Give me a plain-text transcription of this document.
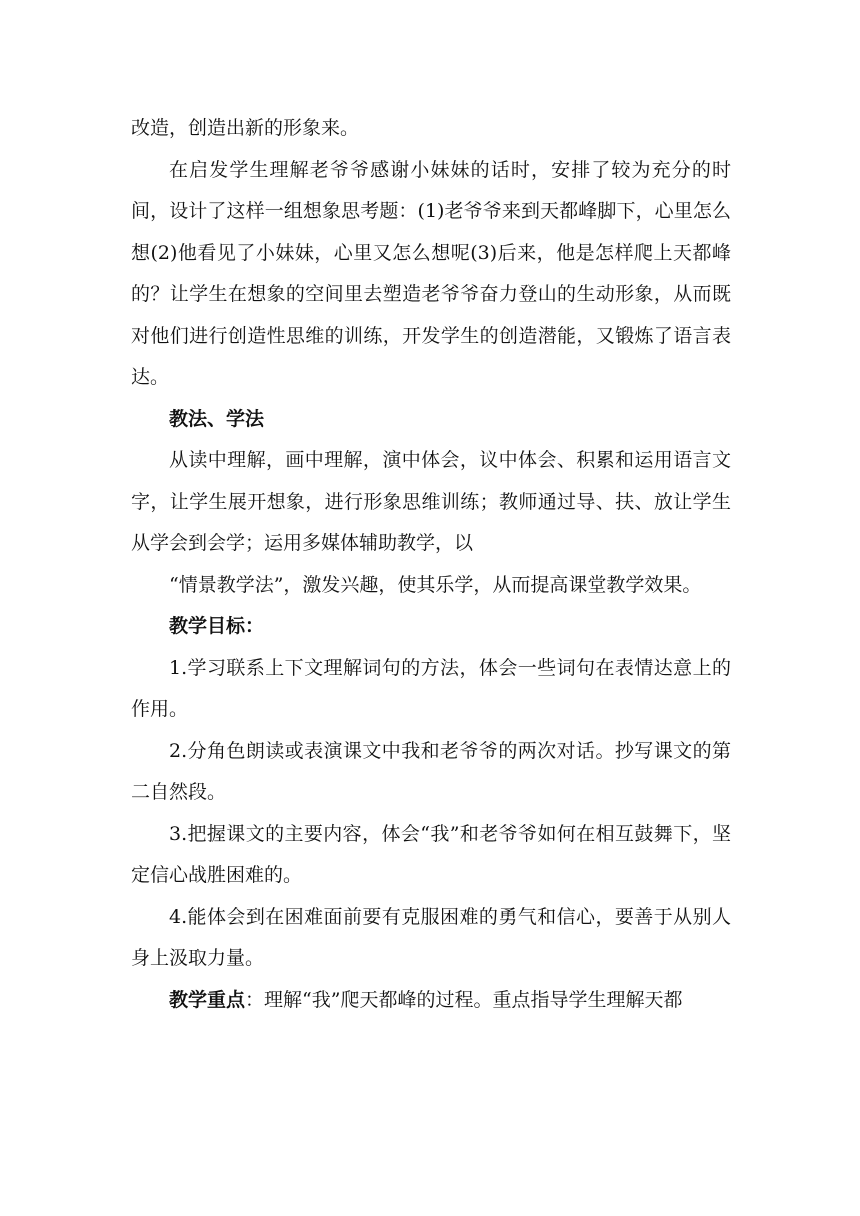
改造，创造出新的形象来。

在启发学生理解老爷爷感谢小妹妹的话时，安排了较为充分的时间，设计了这样一组想象思考题：(1)老爷爷来到天都峰脚下，心里怎么想(2)他看见了小妹妹，心里又怎么想呢(3)后来，他是怎样爬上天都峰的？让学生在想象的空间里去塑造老爷爷奋力登山的生动形象，从而既对他们进行创造性思维的训练，开发学生的创造潜能，又锻炼了语言表达。

教法、学法

从读中理解，画中理解，演中体会，议中体会、积累和运用语言文字，让学生展开想象，进行形象思维训练；教师通过导、扶、放让学生从学会到会学；运用多媒体辅助教学，以

“情景教学法”，激发兴趣，使其乐学，从而提高课堂教学效果。

教学目标：

1.学习联系上下文理解词句的方法，体会一些词句在表情达意上的作用。

2.分角色朗读或表演课文中我和老爷爷的两次对话。抄写课文的第二自然段。

3.把握课文的主要内容，体会“我”和老爷爷如何在相互鼓舞下，坚定信心战胜困难的。

4.能体会到在困难面前要有克服困难的勇气和信心，要善于从别人身上汲取力量。

教学重点：理解“我”爬天都峰的过程。重点指导学生理解天都
